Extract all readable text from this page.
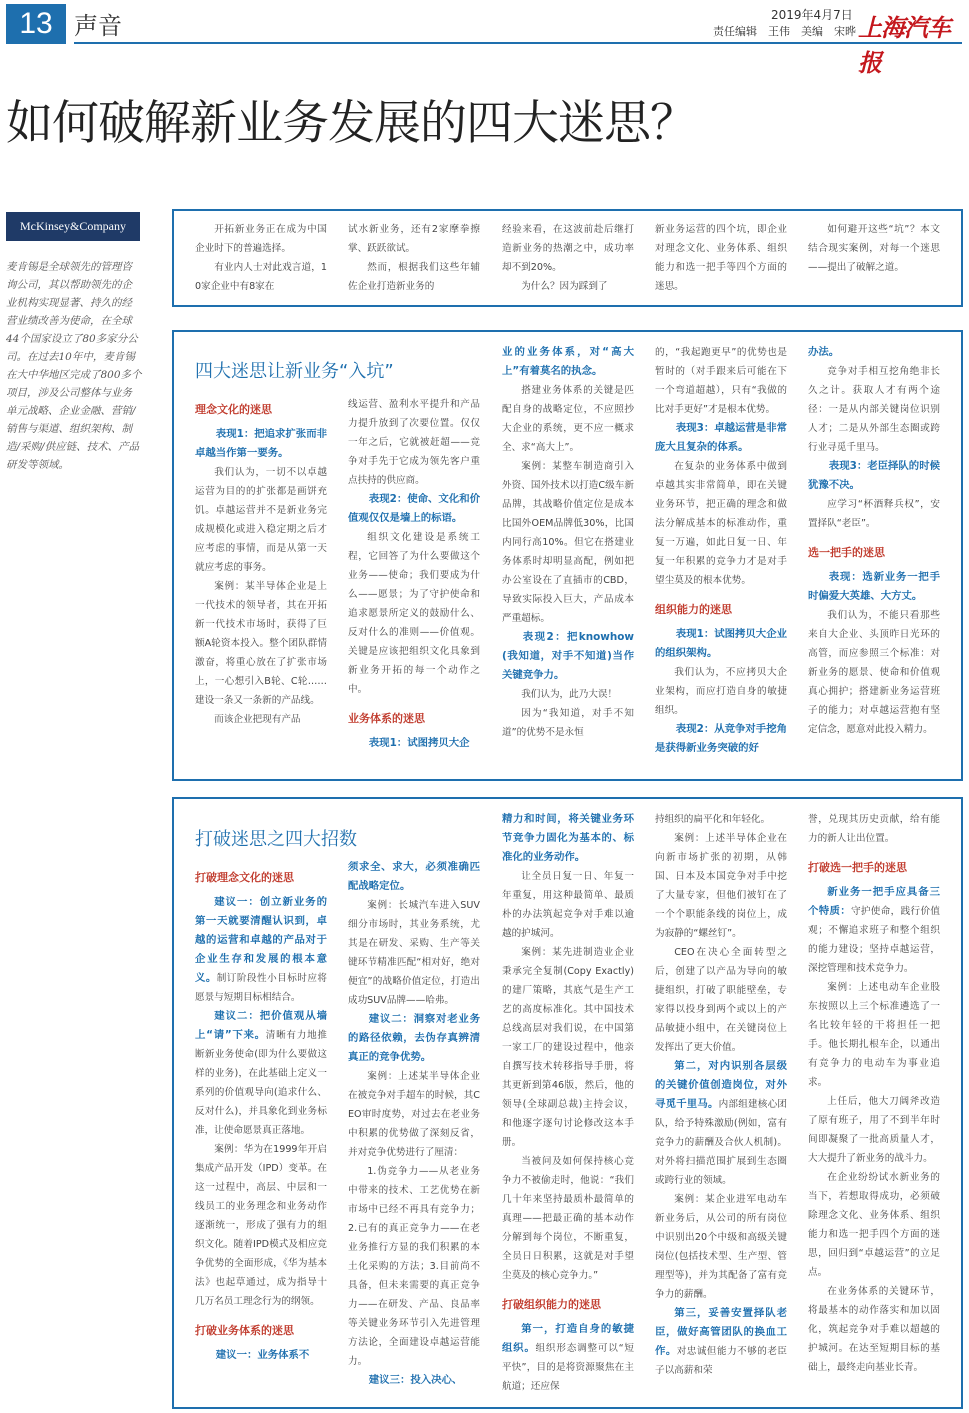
13 声音	2019年4月7日
责任编辑　王伟　美编　宋晔 上海汽车报
如何破解新业务发展的四大迷思？
McKinsey&Company
麦肯锡是全球领先的管理咨询公司，其以帮助领先的企业机构实现显著、持久的经营业绩改善为使命，在全球44个国家设立了80多家分公司。在过去10年中，麦肯锡在大中华地区完成了800多个项目，涉及公司整体与业务单元战略、企业金融、营销/销售与渠道、组织架构、制造/采购/供应链、技术、产品研发等领域。

开拓新业务正在成为中国企业时下的普遍选择。

有业内人士对此戏言道，10家企业中有8家在

试水新业务，还有2家摩拳擦掌、跃跃欲试。

然而，根据我们这些年辅佐企业打造新业务的

经验来看，在这波前赴后继打造新业务的热潮之中，成功率却不到20%。

为什么？因为踩到了

新业务运营的四个坑，即企业对理念文化、业务体系、组织能力和选一把手等四个方面的迷思。

如何避开这些“坑”？本文结合现实案例，对每一个迷思——提出了破解之道。

四大迷思让新业务“入坑”

理念文化的迷思

表现1：把追求扩张而非卓越当作第一要务。

我们认为，一切不以卓越运营为目的的扩张都是画饼充饥。卓越运营并不是新业务完成规模化或进入稳定期之后才应考虑的事情，而是从第一天就应考虑的事务。

案例：某半导体企业是上一代技术的领导者，其在开拓新一代技术市场时，获得了巨额A轮资本投入。整个团队群情激奋，将重心放在了扩张市场上，一心想引入B轮、C轮……建设一条又一条新的产品线。

而该企业把现有产品

线运营、盈利水平提升和产品力提升放到了次要位置。仅仅一年之后，它就被赶超——竞争对手先于它成为领先客户重点扶持的供应商。

表现2：使命、文化和价值观仅仅是墙上的标语。

组织文化建设是系统工程，它回答了为什么要做这个业务——使命；我们要成为什么——愿景；为了守护使命和追求愿景所定义的鼓励什么、反对什么的准则——价值观。关键是应该把组织文化具象到新业务开拓的每一个动作之中。

业务体系的迷思

表现1：试图拷贝大企

业的业务体系，对“高大上”有着莫名的执念。

搭建业务体系的关键是匹配自身的战略定位，不应照抄大企业的系统，更不应一概求全、求“高大上”。

案例：某整车制造商引入外资、国外技术以打造C级车新品牌，其战略价值定位是成本比国外OEM品牌低30%，比国内同行高10%。但它在搭建业务体系时却明显高配，例如把办公室设在了直插市的CBD，导致实际投入巨大，产品成本严重超标。

表现2：把knowhow(我知道，对手不知道)当作关键竞争力。

我们认为，此乃大误！

因为“我知道，对手不知道”的优势不是永恒

的，“我起跑更早”的优势也是暂时的（对手跟来后可能在下一个弯道超越），只有“我做的比对手更好”才是根本优势。

表现3：卓越运营是非常庞大且复杂的体系。

在复杂的业务体系中做到卓越其实非常简单，即在关键业务环节，把正确的理念和做法分解成基本的标准动作，重复一万遍，如此日复一日、年复一年积累的竞争力才是对手望尘莫及的根本优势。

组织能力的迷思

表现1：试图拷贝大企业的组织架构。

我们认为，不应拷贝大企业架构，而应打造自身的敏捷组织。

表现2：从竞争对手挖角是获得新业务突破的好

办法。

竞争对手相互挖角绝非长久之计。获取人才有两个途径：一是从内部关键岗位识别人才；二是从外部生态圈或跨行业寻觅千里马。

表现3：老臣择队的时候犹豫不决。

应学习“杯酒释兵权”，安置择队“老臣”。

选一把手的迷思

表现：选新业务一把手时偏爱大英雄、大方丈。

我们认为，不能只看那些来自大企业、头顶昨日光环的高管，而应参照三个标准：对新业务的愿景、使命和价值观真心拥护；搭建新业务运营班子的能力；对卓越运营抱有坚定信念，愿意对此投入精力。

打破迷思之四大招数

打破理念文化的迷思

建议一：创立新业务的第一天就要清醒认识到，卓越的运营和卓越的产品对于企业生存和发展的根本意义。制订阶段性小目标时应将愿景与短期目标相结合。

建议二：把价值观从墙上“请”下来。清晰有力地推断新业务使命(即为什么要做这样的业务)，在此基础上定义一系列的价值观导向(追求什么、反对什么)，并具象化到业务标准，让使命愿景真正落地。

案例：华为在1999年开启集成产品开发（IPD）变革。在这一过程中，高层、中层和一线员工的业务理念和业务动作逐渐统一，形成了强有力的组织文化。随着IPD模式及相应竞争优势的全面形成，《华为基本法》也起草通过，成为指导十几万名员工理念行为的纲领。

打破业务体系的迷思

建议一：业务体系不

须求全、求大，必须准确匹配战略定位。

案例：长城汽车进入SUV细分市场时，其业务系统，尤其是在研发、采购、生产等关键环节精准匹配“相对好，绝对便宜”的战略价值定位，打造出成功SUV品牌——哈弗。

建议二：洞察对老业务的路径依赖，去伪存真辨清真正的竞争优势。

案例：上述某半导体企业在被竞争对手超车的时候，其CEO审时度势，对过去在老业务中积累的优势做了深刻反省，并对竞争优势进行了厘清：

1.伪竞争力——从老业务中带来的技术、工艺优势在新市场中已经不再具有竞争力；2.已有的真正竞争力——在老业务推行方显的我们积累的本土化采购的方法；3.目前尚不具备，但未来需要的真正竞争力——在研发、产品、良品率等关键业务环节引入先进管理方法论，全面建设卓越运营能力。

建议三：投入决心、

精力和时间，将关键业务环节竞争力固化为基本的、标准化的业务动作。

让全员日复一日、年复一年重复，用这种最简单、最质朴的办法筑起竞争对手难以逾越的护城河。

案例：某先进制造业企业秉承完全复制(Copy Exactly)的建厂策略，其底气是生产工艺的高度标准化。其中国技术总线高层对我们说，在中国第一家工厂的建设过程中，他亲自撰写技术转移指导手册，将其更新到第46版，然后，他的领导(全球副总裁)主持会议，和他逐字逐句讨论修改这本手册。

当被问及如何保持核心竞争力不被偷走时，他说：“我们几十年来坚持最质朴最简单的真理——把最正确的基本动作分解到每个岗位，不断重复，全员日日积累，这就是对手望尘莫及的核心竞争力。”

打破组织能力的迷思

第一，打造自身的敏捷组织。组织形态调整可以“短平快”，目的是将资源聚焦在主航道；还应保

持组织的扁平化和年轻化。

案例：上述半导体企业在向新市场扩张的初期，从韩国、日本及本国竞争对手中挖了大量专家，但他们被钉在了一个个职能条线的岗位上，成为寂静的“螺丝钉”。

CEO在决心全面转型之后，创建了以产品为导向的敏捷组织，打破了职能壁垒，专家得以投身到两个或以上的产品敏捷小组中，在关键岗位上发挥出了更大价值。

第二，对内识别各层级的关键价值创造岗位，对外寻觅千里马。内部组建核心团队，给予特殊激励(例如，富有竞争力的薪酬及合伙人机制)。对外将扫描范围扩展到生态圈或跨行业的领域。

案例：某企业进军电动车新业务后，从公司的所有岗位中识别出20个中级和高级关键岗位(包括技术型、生产型、管理型等)，并为其配备了富有竞争力的薪酬。

第三，妥善安置择队老臣，做好高管团队的换血工作。对忠诚但能力不够的老臣子以高薪和荣

誉，兑现其历史贡献，给有能力的新人让出位置。

打破选一把手的迷思

新业务一把手应具备三个特质：守护使命，践行价值观；不懈追求班子和整个组织的能力建设；坚持卓越运营，深挖管理和技术竞争力。

案例：上述电动车企业股东按照以上三个标准遴选了一名比较年轻的干将担任一把手。他长期扎根车企，以通出有竞争力的电动车为事业追求。

上任后，他大刀阔斧改造了原有班子，用了不到半年时间即凝聚了一批高质量人才，大大提升了新业务的战斗力。

在企业纷纷试水新业务的当下，若想取得成功，必须破除理念文化、业务体系、组织能力和选一把手四个方面的迷思，回归到“卓越运营”的立足点。

在业务体系的关键环节，将最基本的动作落实和加以固化，筑起竞争对手难以超越的护城河。在达至短期目标的基础上，最终走向基业长青。
